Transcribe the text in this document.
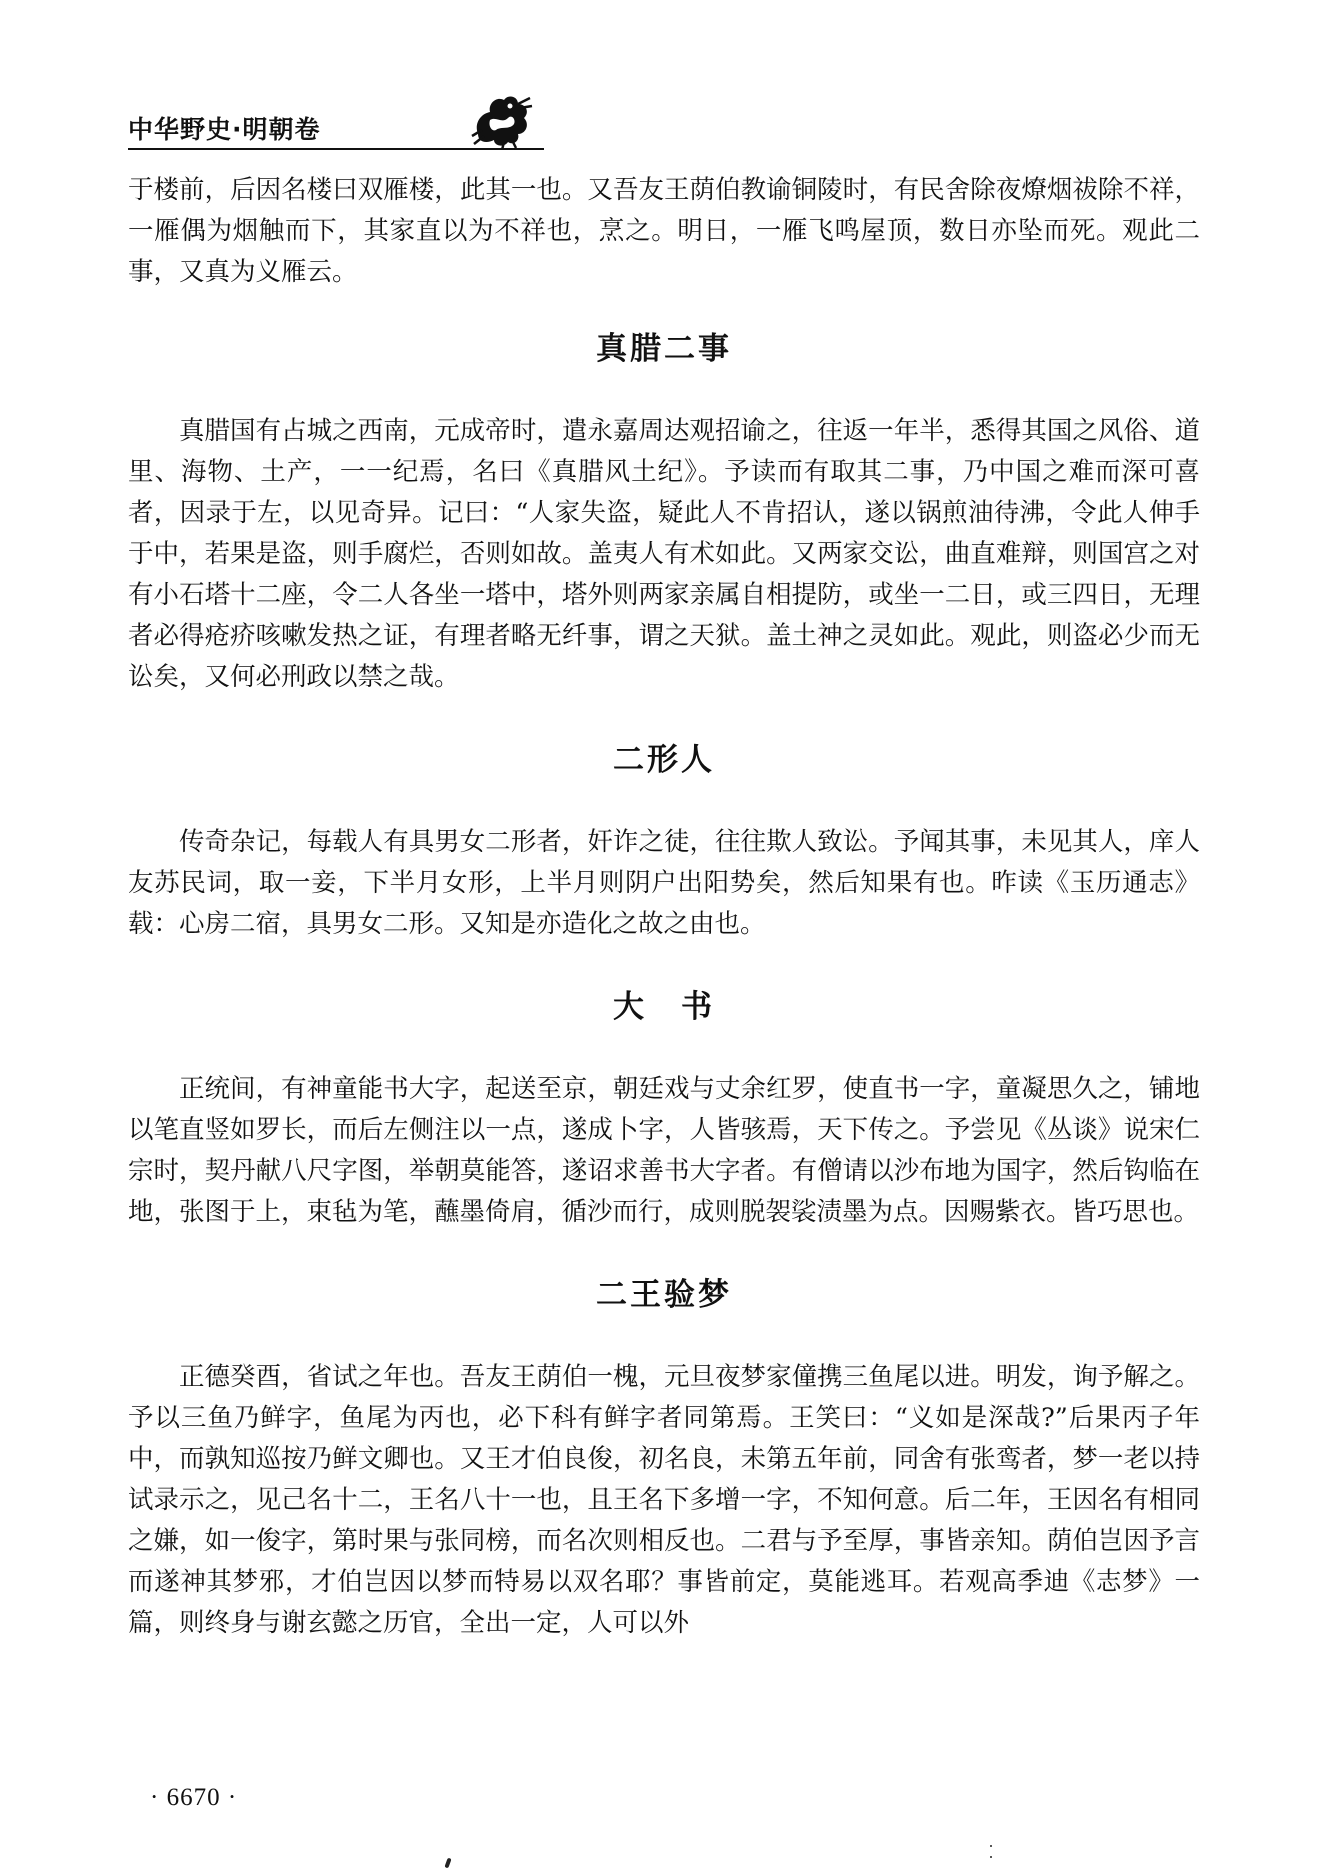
中华野史·明朝卷

于楼前，后因名楼曰双雁楼，此其一也。又吾友王荫伯教谕铜陵时，有民舍除夜燎烟祓除不祥，一雁偶为烟触而下，其家直以为不祥也，烹之。明日，一雁飞鸣屋顶，数日亦坠而死。观此二事，又真为义雁云。

真腊二事

真腊国有占城之西南，元成帝时，遣永嘉周达观招谕之，往返一年半，悉得其国之风俗、道里、海物、土产，一一纪焉，名曰《真腊风土纪》。予读而有取其二事，乃中国之难而深可喜者，因录于左，以见奇异。记曰：“人家失盗，疑此人不肯招认，遂以锅煎油待沸，令此人伸手于中，若果是盗，则手腐烂，否则如故。盖夷人有术如此。又两家交讼，曲直难辩，则国宫之对有小石塔十二座，令二人各坐一塔中，塔外则两家亲属自相提防，或坐一二日，或三四日，无理者必得疮疥咳嗽发热之证，有理者略无纤事，谓之天狱。盖土神之灵如此。观此，则盗必少而无讼矣，又何必刑政以禁之哉。

二形人

传奇杂记，每载人有具男女二形者，奸诈之徒，往往欺人致讼。予闻其事，未见其人，庠人友苏民词，取一妾，下半月女形，上半月则阴户出阳势矣，然后知果有也。昨读《玉历通志》载：心房二宿，具男女二形。又知是亦造化之故之由也。

大　书

正统间，有神童能书大字，起送至京，朝廷戏与丈余红罗，使直书一字，童凝思久之，铺地以笔直竖如罗长，而后左侧注以一点，遂成卜字，人皆骇焉，天下传之。予尝见《丛谈》说宋仁宗时，契丹献八尺字图，举朝莫能答，遂诏求善书大字者。有僧请以沙布地为国字，然后钩临在地，张图于上，束毡为笔，蘸墨倚肩，循沙而行，成则脱袈裟渍墨为点。因赐紫衣。皆巧思也。

二王验梦

正德癸酉，省试之年也。吾友王荫伯一槐，元旦夜梦家僮携三鱼尾以进。明发，询予解之。予以三鱼乃鲜字，鱼尾为丙也，必下科有鲜字者同第焉。王笑曰：“义如是深哉?”后果丙子年中，而孰知巡按乃鲜文卿也。又王才伯良俊，初名良，未第五年前，同舍有张鸾者，梦一老以持试录示之，见己名十二，王名八十一也，且王名下多增一字，不知何意。后二年，王因名有相同之嫌，如一俊字，第时果与张同榜，而名次则相反也。二君与予至厚，事皆亲知。荫伯岂因予言而遂神其梦邪，才伯岂因以梦而特易以双名耶？事皆前定，莫能逃耳。若观高季迪《志梦》一篇，则终身与谢玄懿之历官，全出一定，人可以外

· 6670 ·
